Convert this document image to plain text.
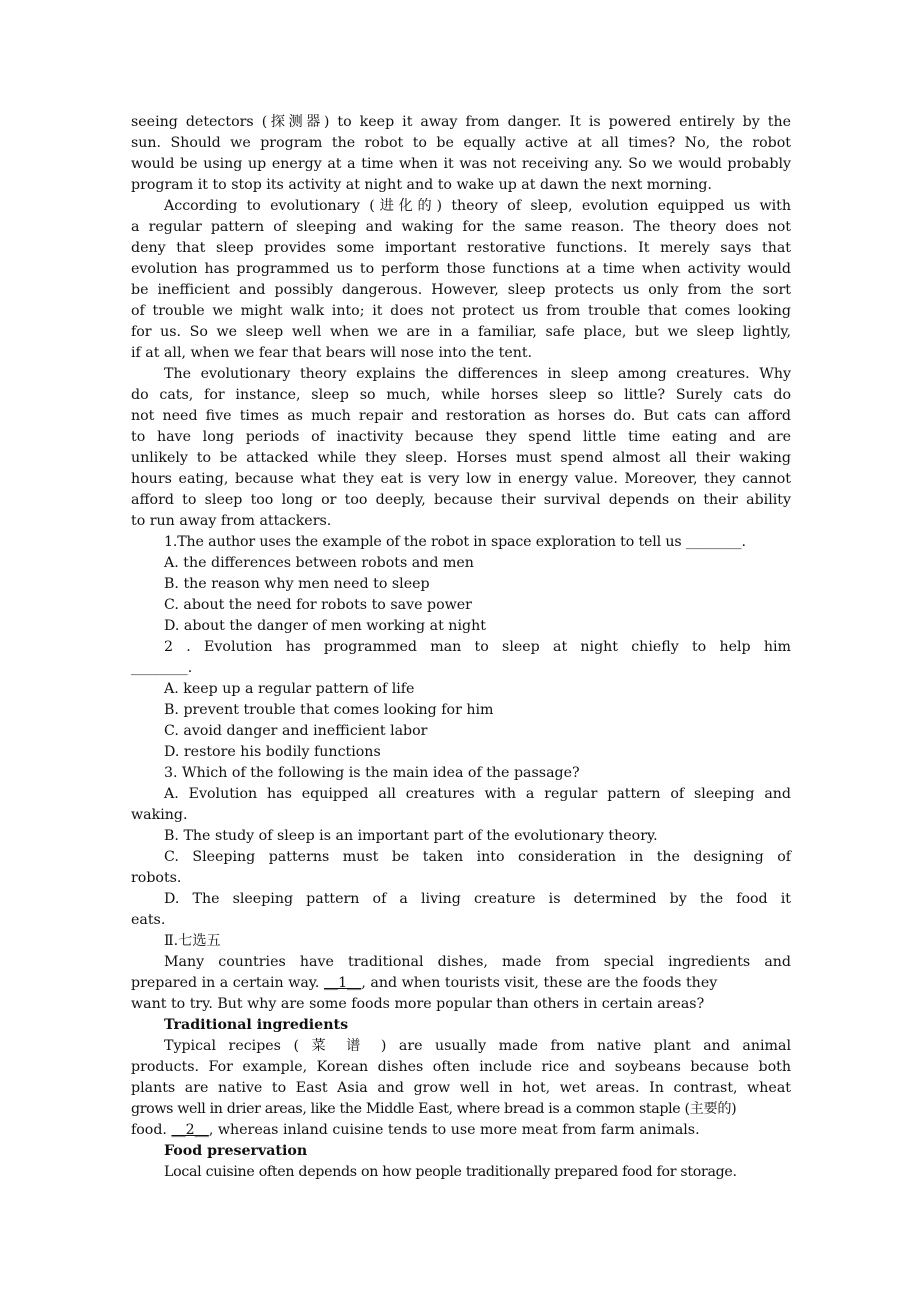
seeing detectors (探测器) to keep it away from danger. It is powered entirely by the
sun. Should we program the robot to be equally active at all times? No, the robot
would be using up energy at a time when it was not receiving any. So we would probably
program it to stop its activity at night and to wake up at dawn the next morning.
According to evolutionary (进化的) theory of sleep, evolution equipped us with
a regular pattern of sleeping and waking for the same reason. The theory does not
deny that sleep provides some important restorative functions. It merely says that
evolution has programmed us to perform those functions at a time when activity would
be inefficient and possibly dangerous. However, sleep protects us only from the sort
of trouble we might walk into; it does not protect us from trouble that comes looking
for us. So we sleep well when we are in a familiar, safe place, but we sleep lightly,
if at all, when we fear that bears will nose into the tent.
The evolutionary theory explains the differences in sleep among creatures. Why
do cats, for instance, sleep so much, while horses sleep so little? Surely cats do
not need five times as much repair and restoration as horses do. But cats can afford
to have long periods of inactivity because they spend little time eating and are
unlikely to be attacked while they sleep. Horses must spend almost all their waking
hours eating, because what they eat is very low in energy value. Moreover, they cannot
afford to sleep too long or too deeply, because their survival depends on their ability
to run away from attackers.
1.The author uses the example of the robot in space exploration to tell us ________.
A. the differences between robots and men
B. the reason why men need to sleep
C. about the need for robots to save power
D. about the danger of men working at night
2 . Evolution has programmed man to sleep at night chiefly to help him
________.
A. keep up a regular pattern of life
B. prevent trouble that comes looking for him
C. avoid danger and inefficient labor
D. restore his bodily functions
3. Which of the following is the main idea of the passage?
A. Evolution has equipped all creatures with a regular pattern of sleeping and
waking.
B. The study of sleep is an important part of the evolutionary theory.
C. Sleeping patterns must be taken into consideration in the designing of
robots.
D. The sleeping pattern of a living creature is determined by the food it
eats.
Ⅱ.七选五
Many countries have traditional dishes, made from special ingredients and
prepared in a certain way. __1__, and when tourists visit, these are the foods they
want to try. But why are some foods more popular than others in certain areas?
Traditional ingredients
Typical recipes ( 菜 谱 ) are usually made from native plant and animal
products. For example, Korean dishes often include rice and soybeans because both
plants are native to East Asia and grow well in hot, wet areas. In contrast, wheat
grows well in drier areas, like the Middle East, where bread is a common staple (主要的)
food. __2__, whereas inland cuisine tends to use more meat from farm animals.
Food preservation
Local cuisine often depends on how people traditionally prepared food for storage.
